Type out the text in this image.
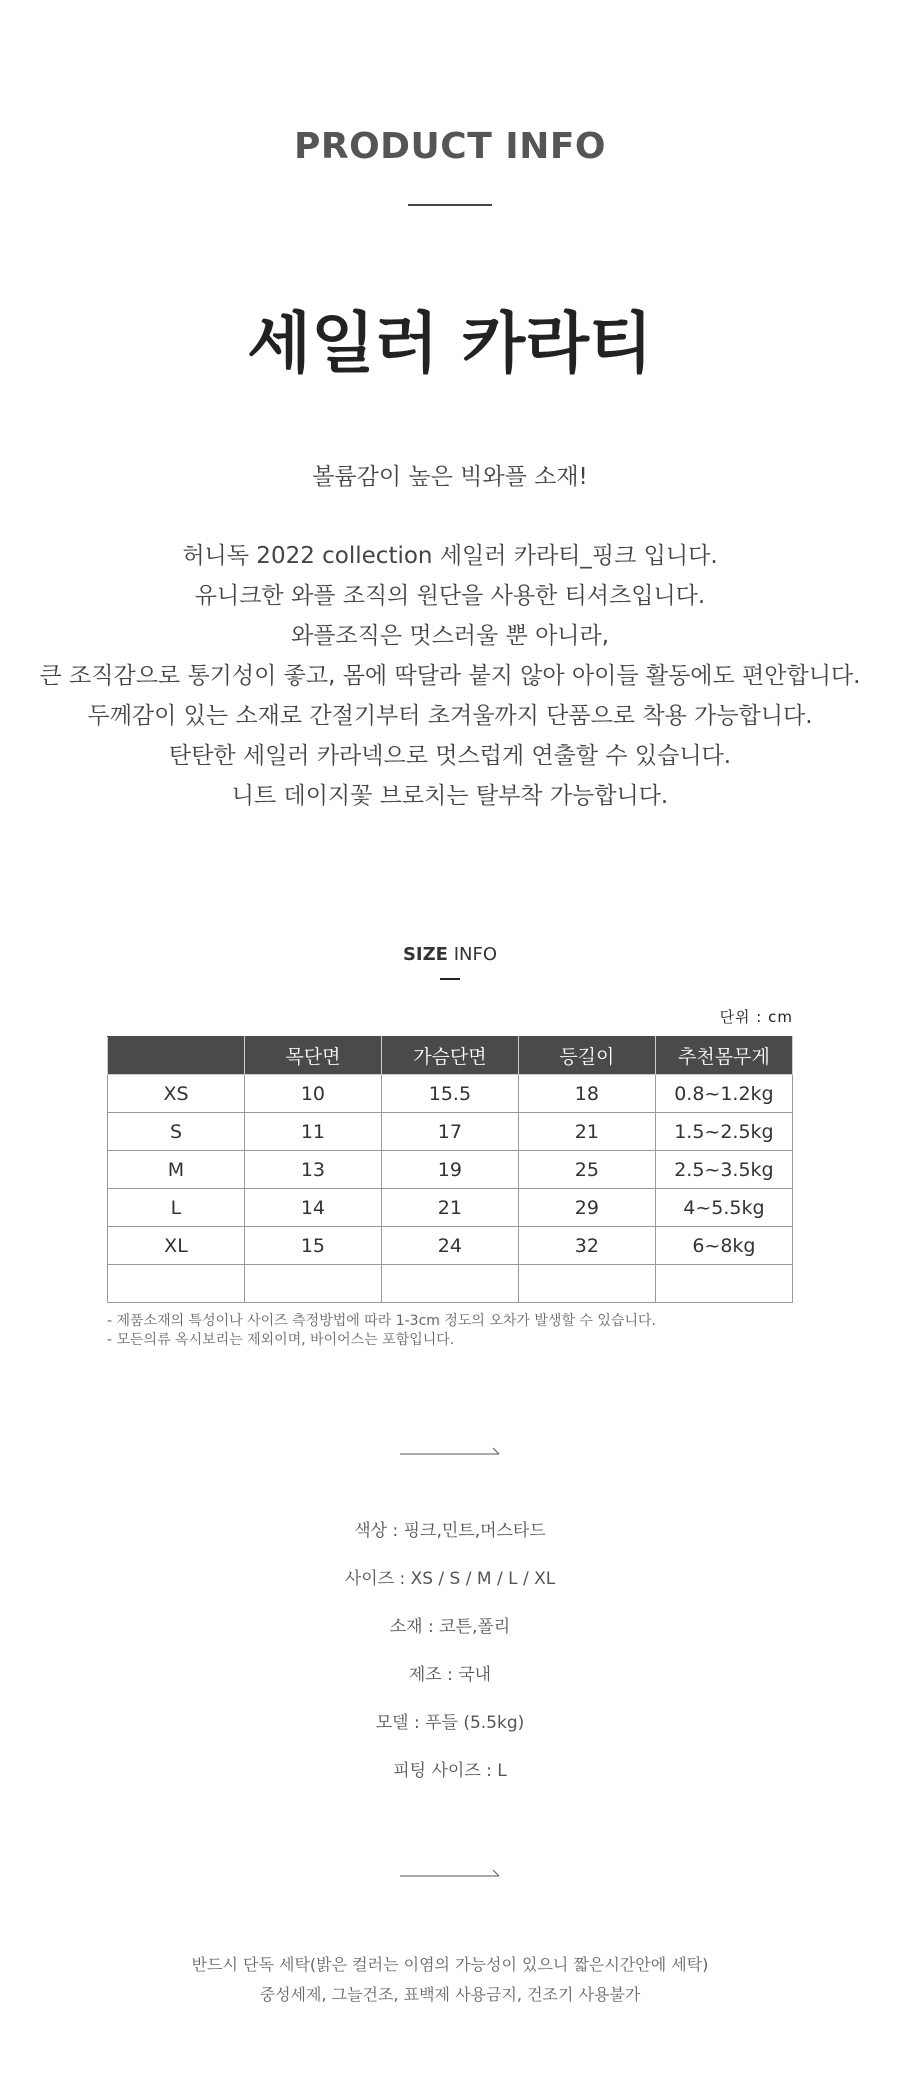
PRODUCT INFO
세일러 카라티
볼륨감이 높은 빅와플 소재!
허니독 2022 collection 세일러 카라티_핑크 입니다.
유니크한 와플 조직의 원단을 사용한 티셔츠입니다.
와플조직은 멋스러울 뿐 아니라,
큰 조직감으로 통기성이 좋고, 몸에 딱달라 붙지 않아 아이들 활동에도 편안합니다.
두께감이 있는 소재로 간절기부터 초겨울까지 단품으로 착용 가능합니다.
탄탄한 세일러 카라넥으로 멋스럽게 연출할 수 있습니다.
니트 데이지꽃 브로치는 탈부착 가능합니다.
SIZE INFO
단위 : cm
	목단면	가슴단면	등길이	추천몸무게
XS	10	15.5	18	0.8~1.2kg
S	11	17	21	1.5~2.5kg
M	13	19	25	2.5~3.5kg
L	14	21	29	4~5.5kg
XL	15	24	32	6~8kg

- 제품소재의 특성이나 사이즈 측정방법에 따라 1-3cm 정도의 오차가 발생할 수 있습니다.
- 모든의류 옥시보리는 제외이며, 바이어스는 포함입니다.
색상 : 핑크,민트,머스타드
사이즈 : XS / S / M / L / XL
소재 : 코튼,폴리
제조 : 국내
모델 : 푸들 (5.5kg)
피팅 사이즈 : L
반드시 단독 세탁(밝은 컬러는 이염의 가능성이 있으니 짧은시간안에 세탁)
중성세제, 그늘건조, 표백제 사용금지, 건조기 사용불가
